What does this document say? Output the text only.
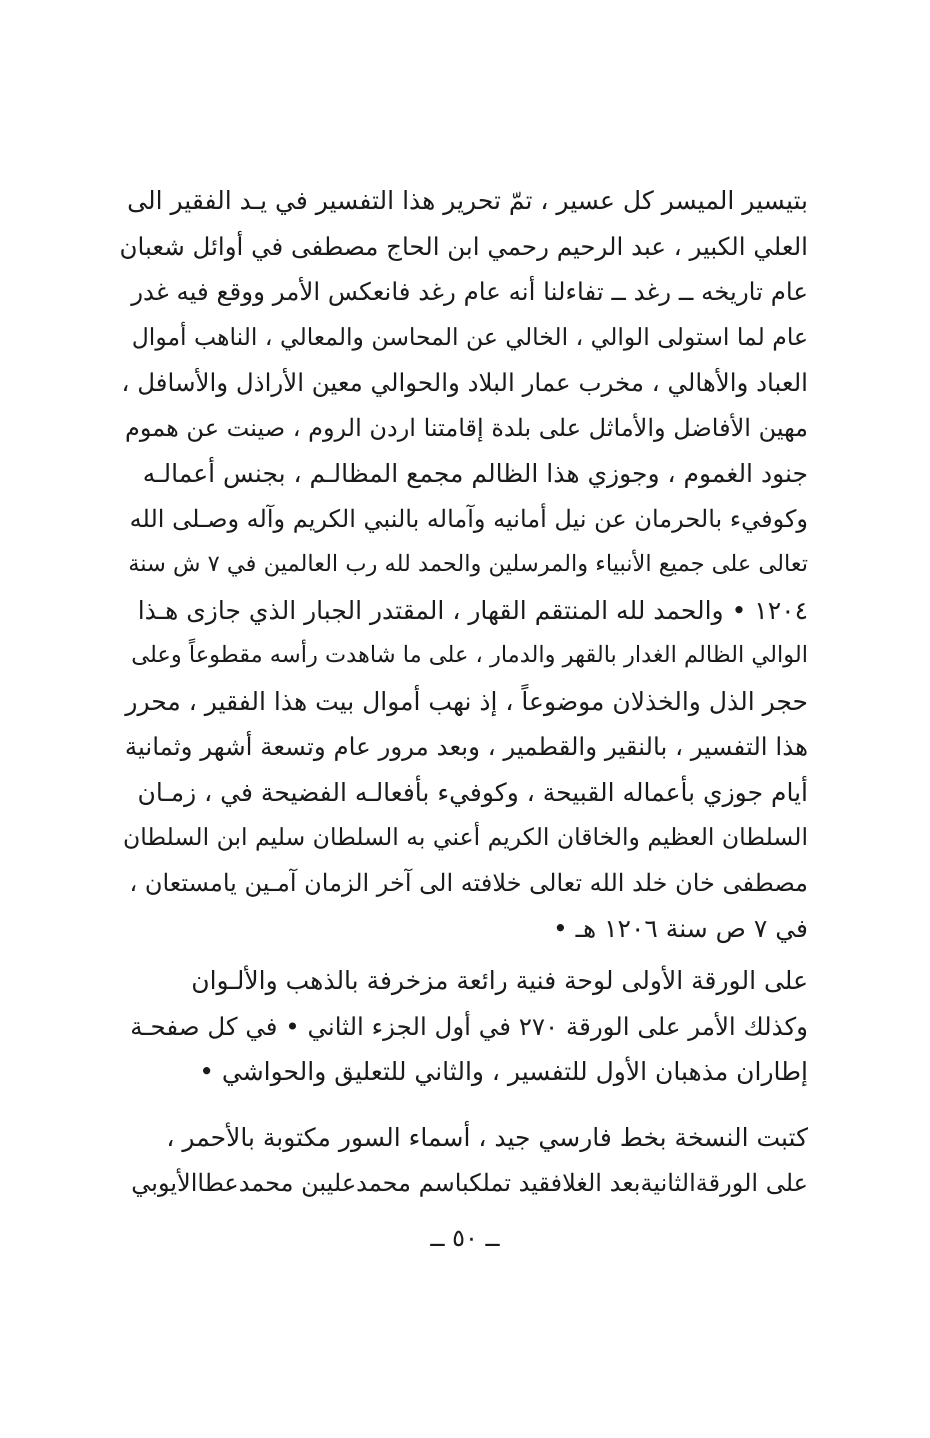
بتيسير الميسر كل عسير ، تمّ تحرير هذا التفسير في يـد الفقير الى
العلي الكبير ، عبد الرحيم رحمي ابن الحاج مصطفى في أوائل شعبان
عام تاريخه ــ رغد ــ تفاءلنا أنه عام رغد فانعكس الأمر ووقع فيه غدر
عام لما استولى الوالي ، الخالي عن المحاسن والمعالي ، الناهب أموال
العباد والأهالي ، مخرب عمار البلاد والحوالي معين الأراذل والأسافل ،
مهين الأفاضل والأماثل على بلدة إقامتنا اردن الروم ، صينت عن هموم
جنود الغموم ، وجوزي هذا الظالم مجمع المظالـم ، بجنس أعمالـه
وكوفيء بالحرمان عن نيل أمانيه وآماله بالنبي الكريم وآله وصـلى الله
تعالى على جميع الأنبياء والمرسلين والحمد لله رب العالمين في ٧ ش سنة
١٢٠٤ • والحمد لله المنتقم القهار ، المقتدر الجبار الذي جازى هـذا
الوالي الظالم الغدار بالقهر والدمار ، على ما شاهدت رأسه مقطوعاً وعلى
حجر الذل والخذلان موضوعاً ، إذ نهب أموال بيت هذا الفقير ، محرر
هذا التفسير ، بالنقير والقطمير ، وبعد مرور عام وتسعة أشهر وثمانية
أيام جوزي بأعماله القبيحة ، وكوفيء بأفعالـه الفضيحة في ، زمـان
السلطان العظيم والخاقان الكريم أعني به السلطان سليم ابن السلطان
مصطفى خان خلد الله تعالى خلافته الى آخر الزمان آمـين يامستعان ،
في ٧ ص سنة ١٢٠٦ هـ •
على الورقة الأولى لوحة فنية رائعة مزخرفة بالذهب والألـوان
وكذلك الأمر على الورقة ٢٧٠ في أول الجزء الثاني • في كل صفحـة
إطاران مذهبان الأول للتفسير ، والثاني للتعليق والحواشي •
كتبت النسخة بخط فارسي جيد ، أسماء السور مكتوبة بالأحمر ،
على الورقةالثانيةبعد الغلافقيد تملكباسم محمدعليبن محمدعطاالأيوبي
ــ ٥٠ ــ
